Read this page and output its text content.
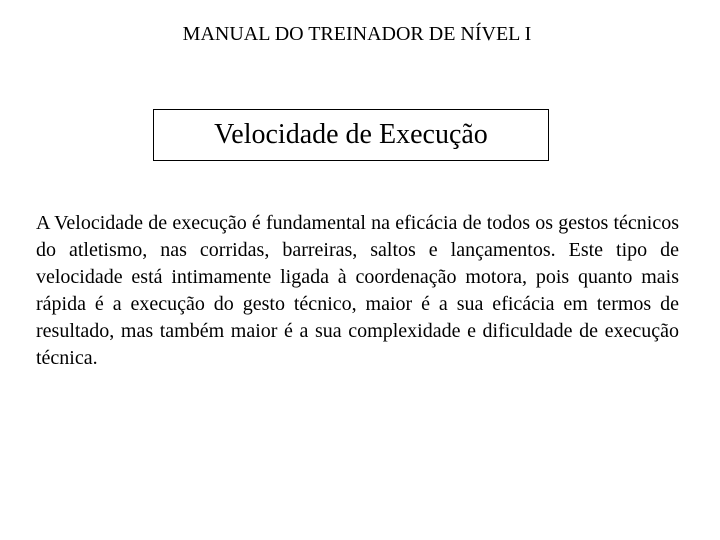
MANUAL DO TREINADOR DE NÍVEL I
Velocidade de Execução

A Velocidade de execução é fundamental na eficácia de todos os gestos técnicos do atletismo, nas corridas, barreiras, saltos e lançamentos. Este tipo de velocidade está intimamente ligada à coordenação motora, pois quanto mais rápida é a execução do gesto técnico, maior é a sua eficácia em termos de resultado, mas também maior é a sua complexidade e dificuldade de execução técnica.
